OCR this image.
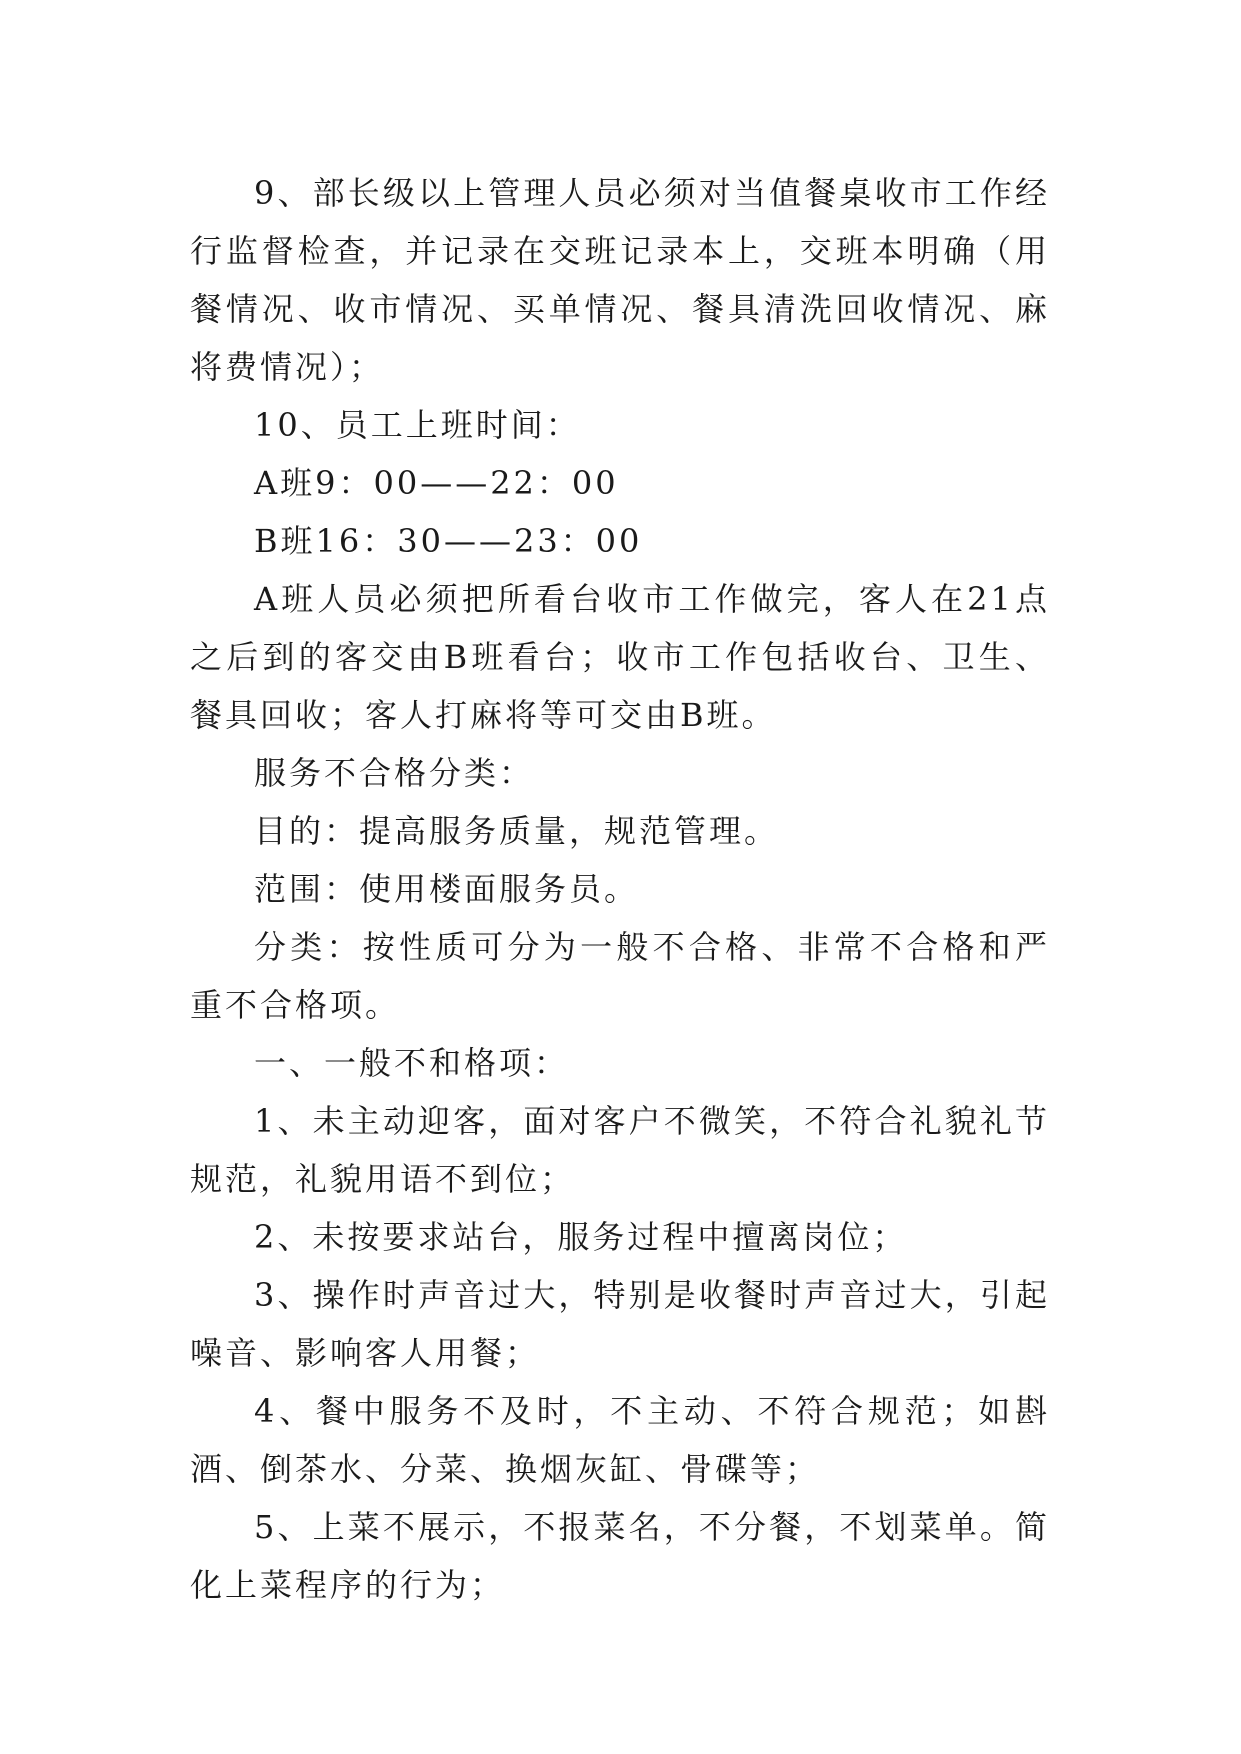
9、部长级以上管理人员必须对当值餐桌收市工作经行监督检查，并记录在交班记录本上，交班本明确（用餐情况、收市情况、买单情况、餐具清洗回收情况、麻将费情况）；

10、员工上班时间：

A班9：00——22：00

B班16：30——23：00

A班人员必须把所看台收市工作做完，客人在21点之后到的客交由B班看台；收市工作包括收台、卫生、餐具回收；客人打麻将等可交由B班。

服务不合格分类：

目的：提高服务质量，规范管理。

范围：使用楼面服务员。

分类：按性质可分为一般不合格、非常不合格和严重不合格项。

一、一般不和格项：

1、未主动迎客，面对客户不微笑，不符合礼貌礼节规范，礼貌用语不到位；

2、未按要求站台，服务过程中擅离岗位；

3、操作时声音过大，特别是收餐时声音过大，引起噪音、影响客人用餐；

4、餐中服务不及时，不主动、不符合规范；如斟酒、倒茶水、分菜、换烟灰缸、骨碟等；

5、上菜不展示，不报菜名，不分餐，不划菜单。简化上菜程序的行为；
